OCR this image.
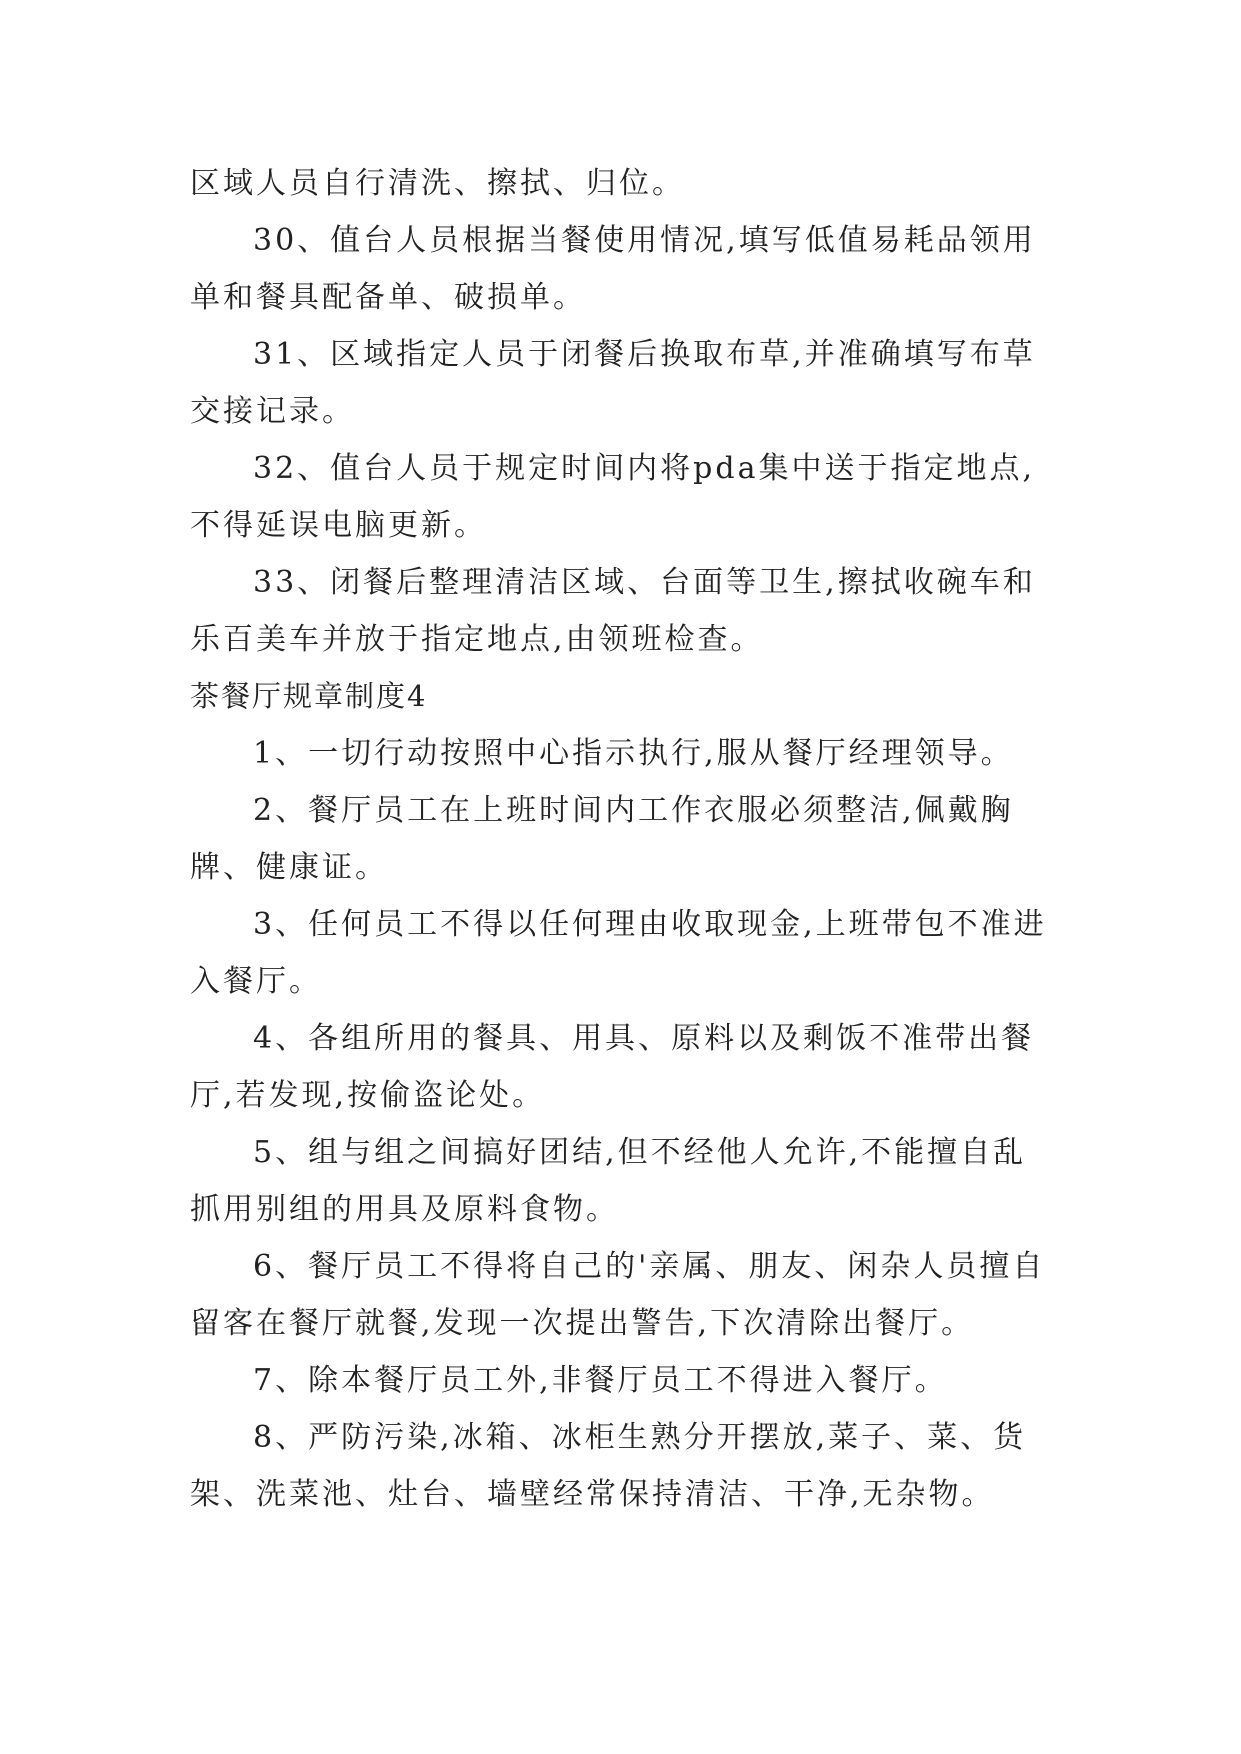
区域人员自行清洗、擦拭、归位。

30、值台人员根据当餐使用情况,填写低值易耗品领用单和餐具配备单、破损单。

31、区域指定人员于闭餐后换取布草,并准确填写布草交接记录。

32、值台人员于规定时间内将pda集中送于指定地点,不得延误电脑更新。

33、闭餐后整理清洁区域、台面等卫生,擦拭收碗车和乐百美车并放于指定地点,由领班检查。

茶餐厅规章制度4

1、一切行动按照中心指示执行,服从餐厅经理领导。

2、餐厅员工在上班时间内工作衣服必须整洁,佩戴胸牌、健康证。

3、任何员工不得以任何理由收取现金,上班带包不准进入餐厅。

4、各组所用的餐具、用具、原料以及剩饭不准带出餐厅,若发现,按偷盗论处。

5、组与组之间搞好团结,但不经他人允许,不能擅自乱抓用别组的用具及原料食物。

6、餐厅员工不得将自己的'亲属、朋友、闲杂人员擅自留客在餐厅就餐,发现一次提出警告,下次清除出餐厅。

7、除本餐厅员工外,非餐厅员工不得进入餐厅。

8、严防污染,冰箱、冰柜生熟分开摆放,菜子、菜、货架、洗菜池、灶台、墙壁经常保持清洁、干净,无杂物。
